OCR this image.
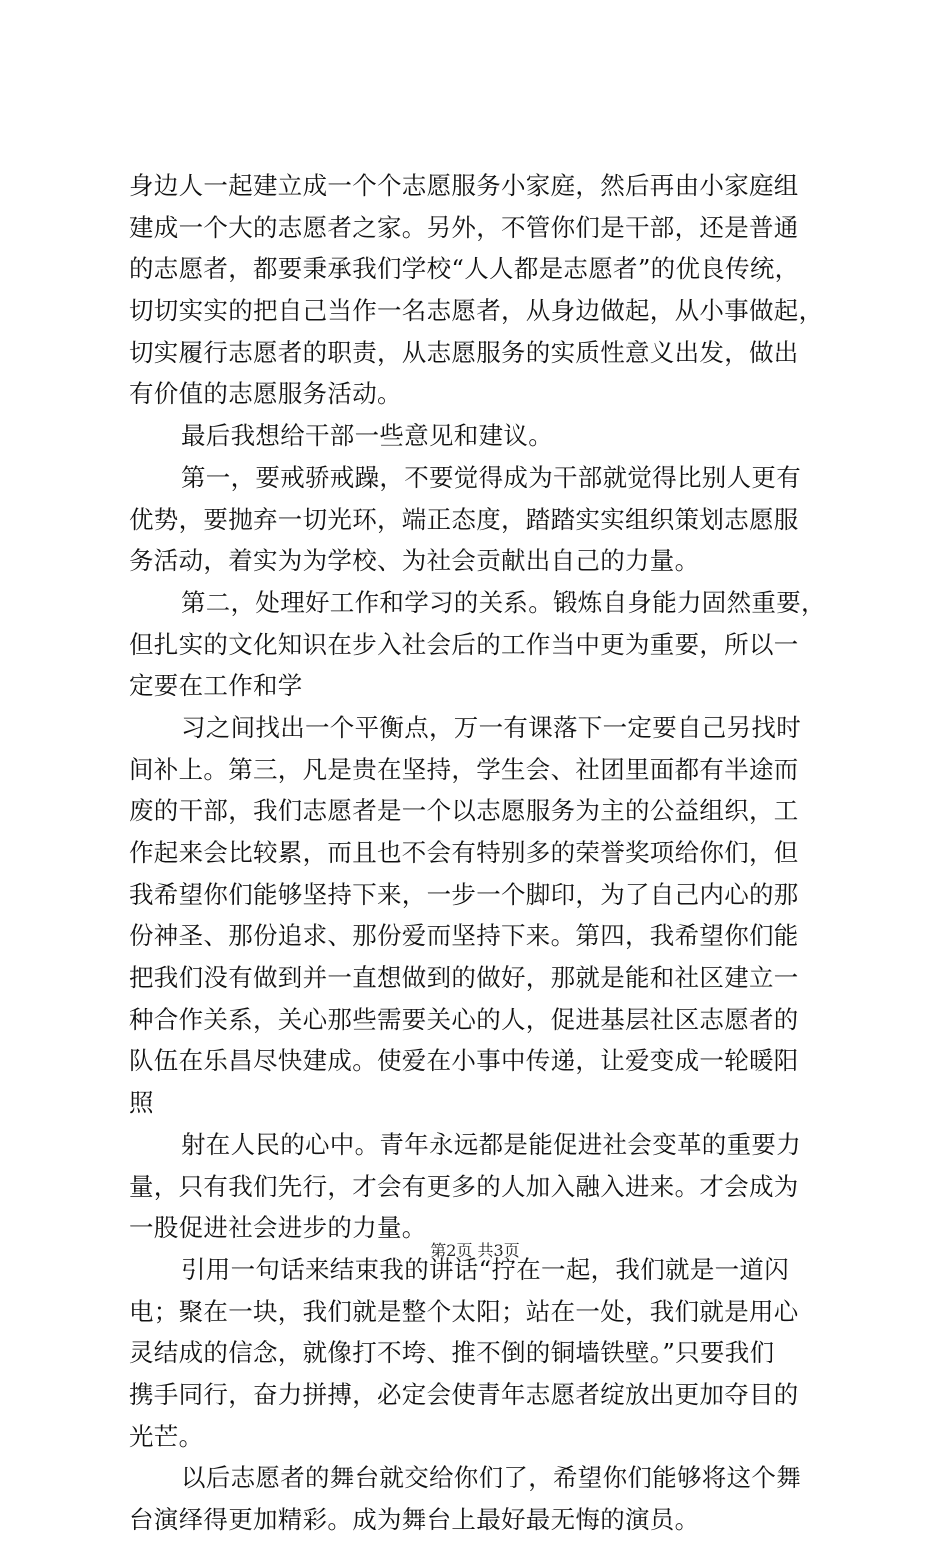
身边人一起建立成一个个志愿服务小家庭，然后再由小家庭组
建成一个大的志愿者之家。另外，不管你们是干部，还是普通
的志愿者，都要秉承我们学校“人人都是志愿者”的优良传统，
切切实实的把自己当作一名志愿者，从身边做起，从小事做起，
切实履行志愿者的职责，从志愿服务的实质性意义出发，做出
有价值的志愿服务活动。
最后我想给干部一些意见和建议。
第一，要戒骄戒躁，不要觉得成为干部就觉得比别人更有
优势，要抛弃一切光环，端正态度，踏踏实实组织策划志愿服
务活动，着实为为学校、为社会贡献出自己的力量。
第二，处理好工作和学习的关系。锻炼自身能力固然重要，
但扎实的文化知识在步入社会后的工作当中更为重要，所以一
定要在工作和学
习之间找出一个平衡点，万一有课落下一定要自己另找时
间补上。第三，凡是贵在坚持，学生会、社团里面都有半途而
废的干部，我们志愿者是一个以志愿服务为主的公益组织，工
作起来会比较累，而且也不会有特别多的荣誉奖项给你们，但
我希望你们能够坚持下来，一步一个脚印，为了自己内心的那
份神圣、那份追求、那份爱而坚持下来。第四，我希望你们能
把我们没有做到并一直想做到的做好，那就是能和社区建立一
种合作关系，关心那些需要关心的人，促进基层社区志愿者的
队伍在乐昌尽快建成。使爱在小事中传递，让爱变成一轮暖阳
照
射在人民的心中。青年永远都是能促进社会变革的重要力
量，只有我们先行，才会有更多的人加入融入进来。才会成为
一股促进社会进步的力量。
引用一句话来结束我的讲话“拧在一起，我们就是一道闪
电；聚在一块，我们就是整个太阳；站在一处，我们就是用心
灵结成的信念，就像打不垮、推不倒的铜墙铁壁。”只要我们
携手同行，奋力拼搏，必定会使青年志愿者绽放出更加夺目的
光芒。
以后志愿者的舞台就交给你们了，希望你们能够将这个舞
台演绎得更加精彩。成为舞台上最好最无悔的演员。
第2页 共3页
